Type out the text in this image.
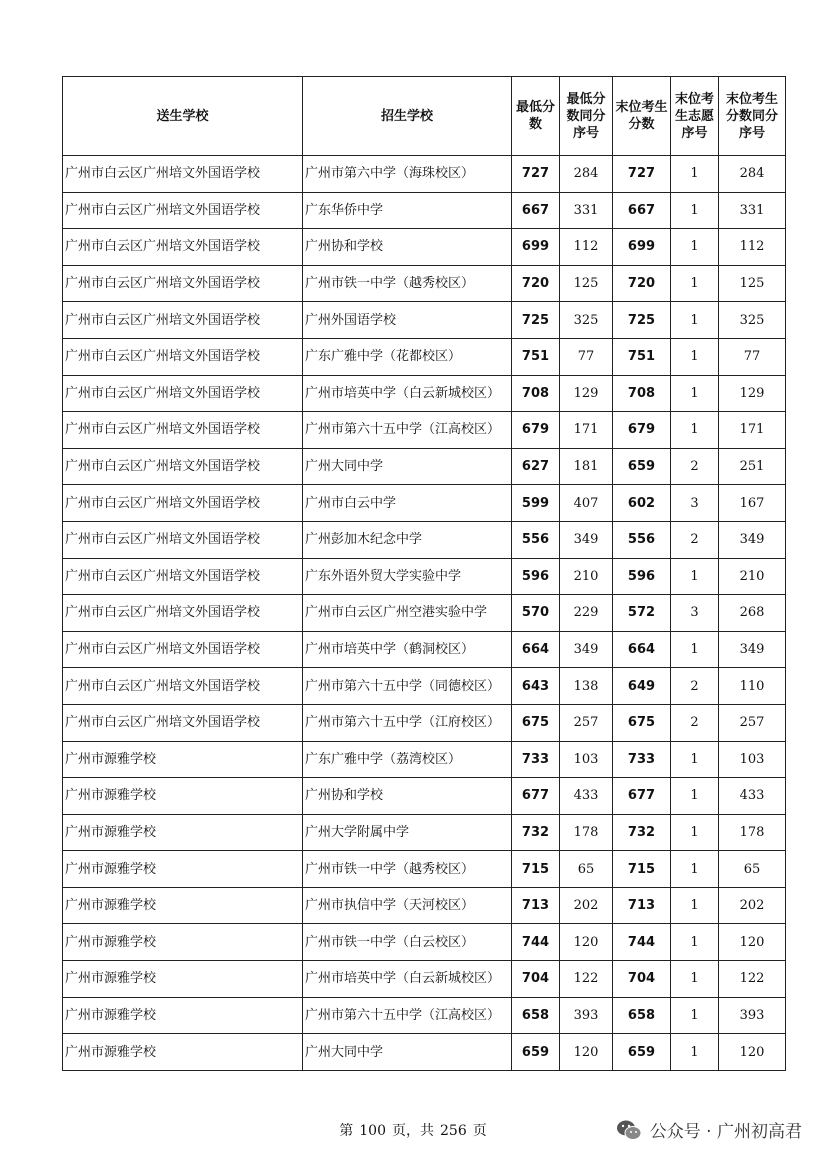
送生学校	招生学校	最低分数	最低分数同分序号	末位考生分数	末位考生志愿序号	末位考生分数同分序号
广州市白云区广州培文外国语学校	广州市第六中学（海珠校区）	727	284	727	1	284
广州市白云区广州培文外国语学校	广东华侨中学	667	331	667	1	331
广州市白云区广州培文外国语学校	广州协和学校	699	112	699	1	112
广州市白云区广州培文外国语学校	广州市铁一中学（越秀校区）	720	125	720	1	125
广州市白云区广州培文外国语学校	广州外国语学校	725	325	725	1	325
广州市白云区广州培文外国语学校	广东广雅中学（花都校区）	751	77	751	1	77
广州市白云区广州培文外国语学校	广州市培英中学（白云新城校区）	708	129	708	1	129
广州市白云区广州培文外国语学校	广州市第六十五中学（江高校区）	679	171	679	1	171
广州市白云区广州培文外国语学校	广州大同中学	627	181	659	2	251
广州市白云区广州培文外国语学校	广州市白云中学	599	407	602	3	167
广州市白云区广州培文外国语学校	广州彭加木纪念中学	556	349	556	2	349
广州市白云区广州培文外国语学校	广东外语外贸大学实验中学	596	210	596	1	210
广州市白云区广州培文外国语学校	广州市白云区广州空港实验中学	570	229	572	3	268
广州市白云区广州培文外国语学校	广州市培英中学（鹤洞校区）	664	349	664	1	349
广州市白云区广州培文外国语学校	广州市第六十五中学（同德校区）	643	138	649	2	110
广州市白云区广州培文外国语学校	广州市第六十五中学（江府校区）	675	257	675	2	257
广州市源雅学校	广东广雅中学（荔湾校区）	733	103	733	1	103
广州市源雅学校	广州协和学校	677	433	677	1	433
广州市源雅学校	广州大学附属中学	732	178	732	1	178
广州市源雅学校	广州市铁一中学（越秀校区）	715	65	715	1	65
广州市源雅学校	广州市执信中学（天河校区）	713	202	713	1	202
广州市源雅学校	广州市铁一中学（白云校区）	744	120	744	1	120
广州市源雅学校	广州市培英中学（白云新城校区）	704	122	704	1	122
广州市源雅学校	广州市第六十五中学（江高校区）	658	393	658	1	393
广州市源雅学校	广州大同中学	659	120	659	1	120
第 100 页，共 256 页	公众号 · 广州初高君
